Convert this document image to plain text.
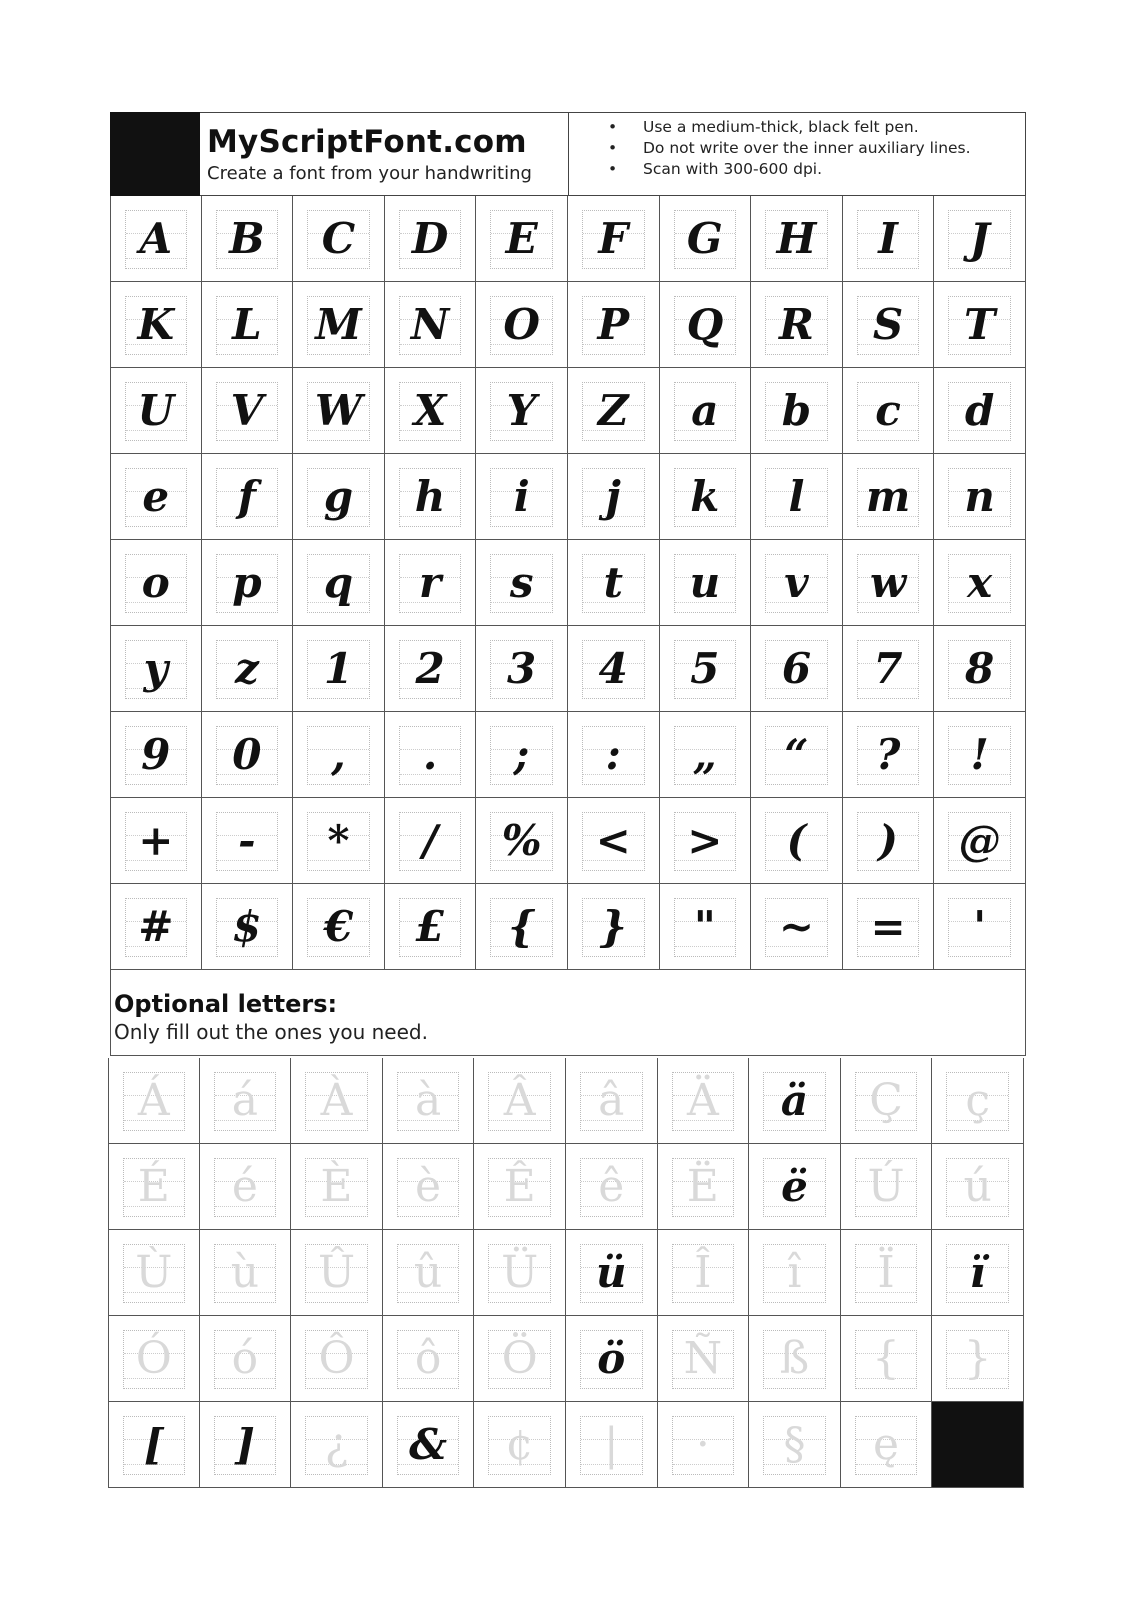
MyScriptFont.com
Create a font from your handwriting
• Use a medium-thick, black felt pen.
• Do not write over the inner auxiliary lines.
• Scan with 300-600 dpi.
A	B	C	D	E	F	G	H	I	J
K	L	M	N	O	P	Q	R	S	T
U	V	W	X	Y	Z	a	b	c	d
e	f	g	h	i	j	k	l	m	n
o	p	q	r	s	t	u	v	w	x
y	z	1	2	3	4	5	6	7	8
9	0	,	.	;	:	„	“	?	!
+	-	*	/	%	<	>	(	)	@
#	$	€	£	{	}	"	~	=	'
Optional letters:
Only fill out the ones you need.
Á	á	À	à	Â	â	Ä	ä	Ç	ç
É	é	È	è	Ê	ê	Ë	ë	Ú	ú
Ù	ù	Û	û	Ü	ü	Î	î	Ï	ï
Ó	ó	Ô	ô	Ö	ö	Ñ	ß	{	}
[	]	¿	&	¢	|	·	§	ę
